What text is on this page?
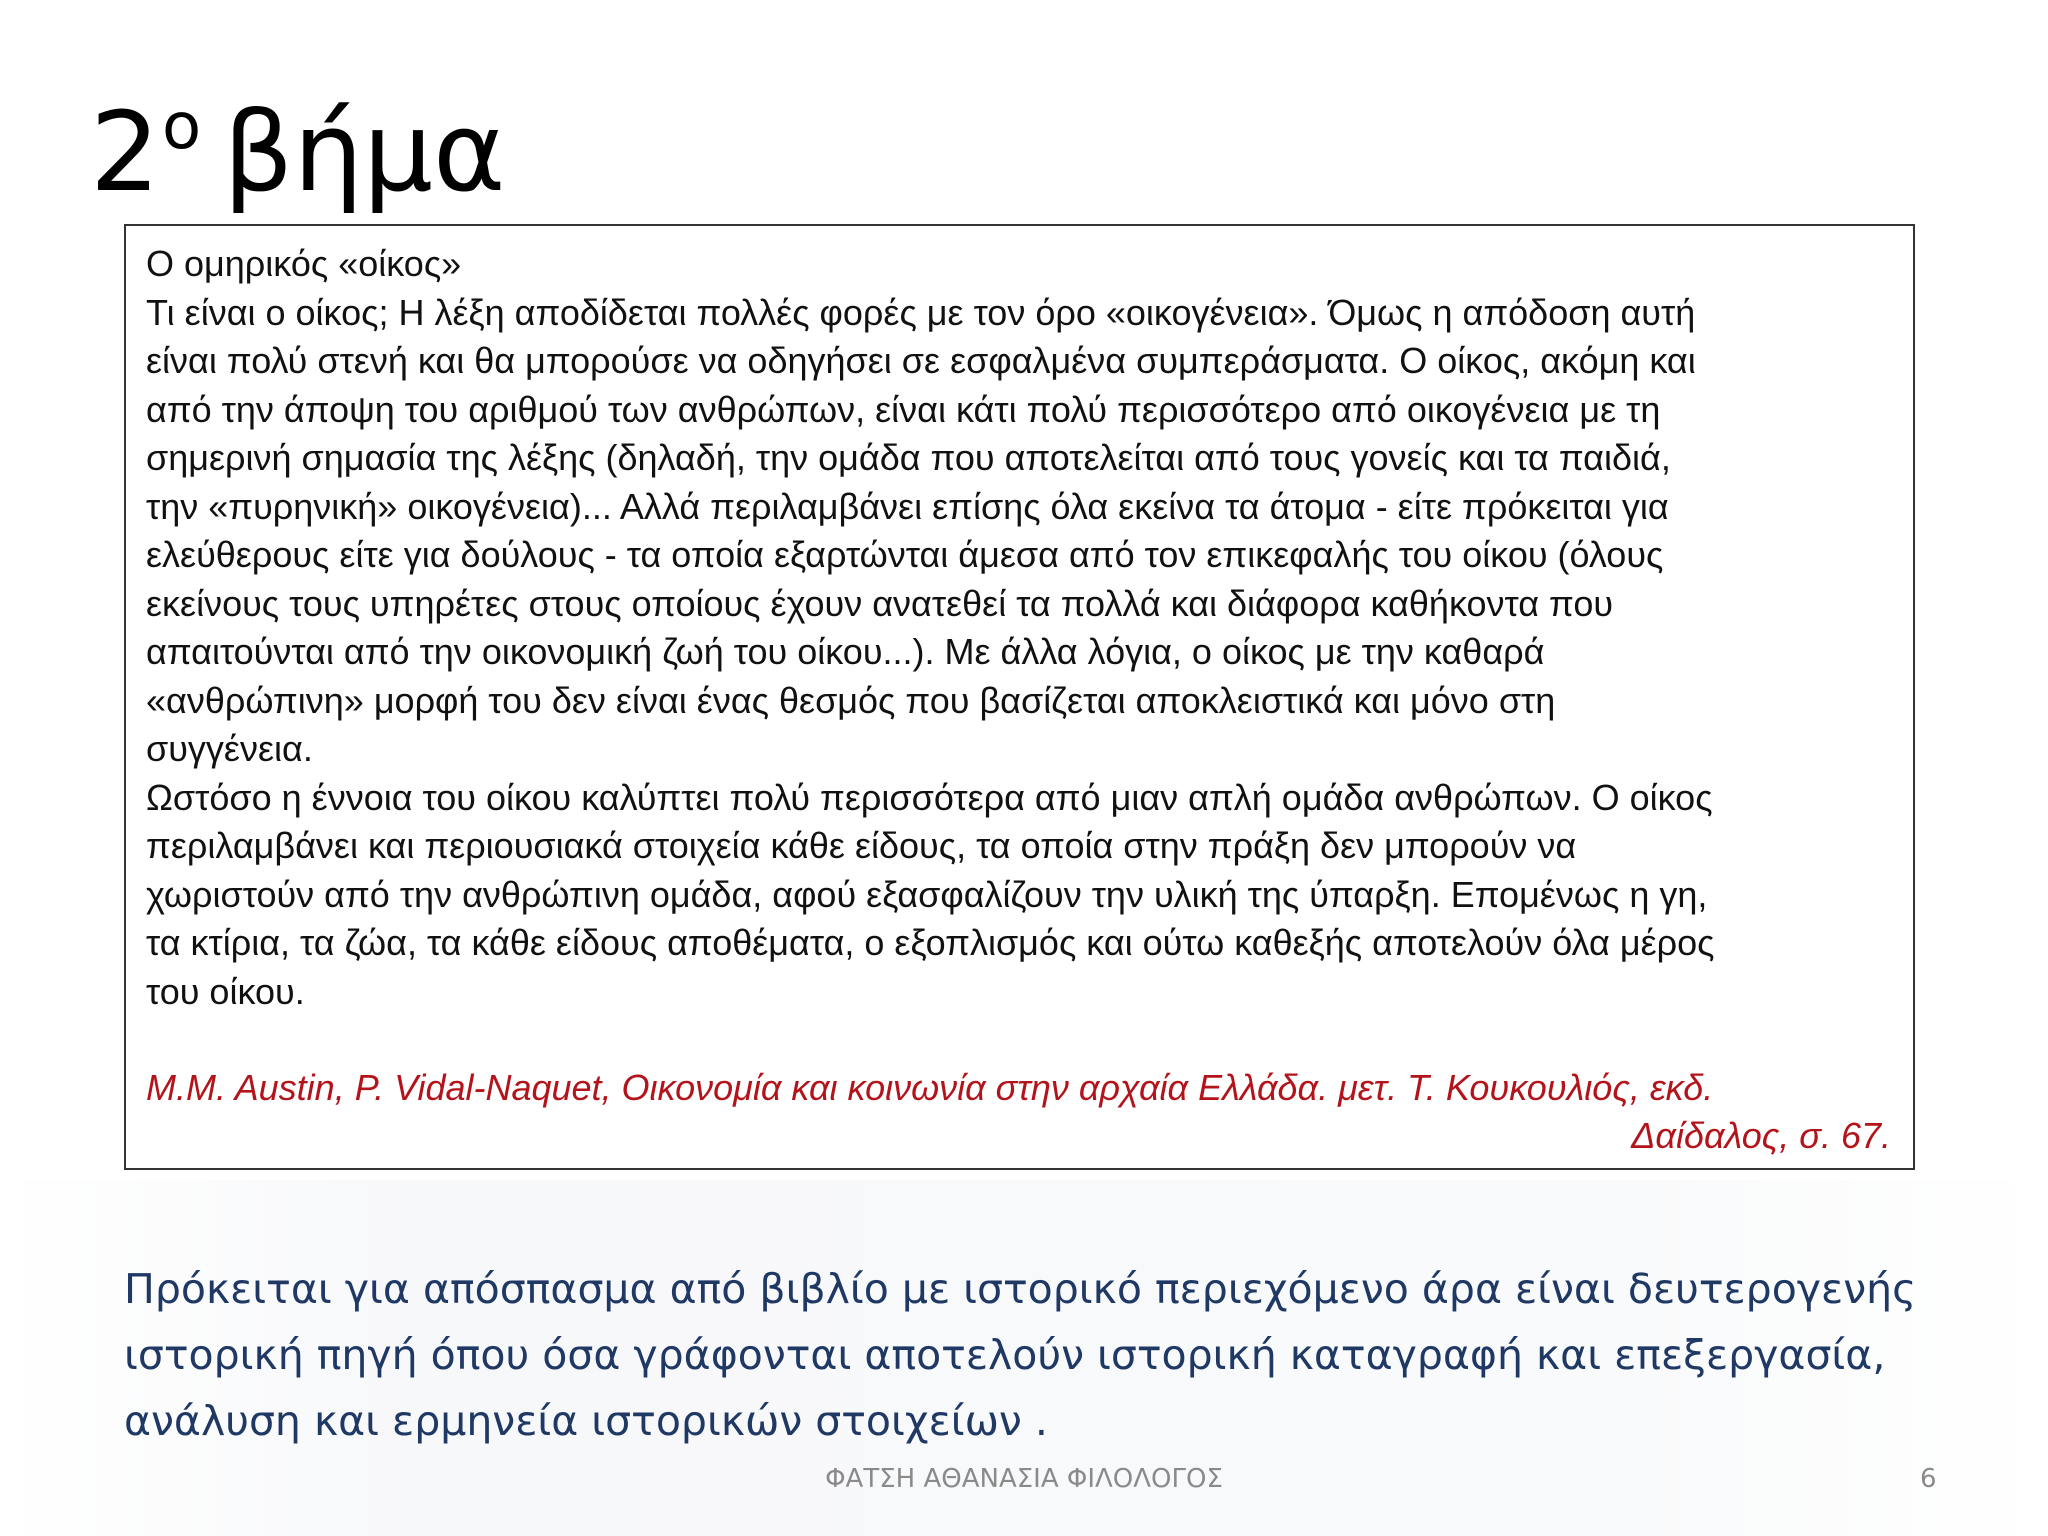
$2^o$ βήμα

Ο ομηρικός «οίκος»

Τι είναι ο οίκος; Η λέξη αποδίδεται πολλές φορές με τον όρο «οικογένεια». Όμως η απόδοση αυτή

είναι πολύ στενή και θα μπορούσε να οδηγήσει σε εσφαλμένα συμπεράσματα. Ο οίκος, ακόμη και

από την άποψη του αριθμού των ανθρώπων, είναι κάτι πολύ περισσότερο από οικογένεια με τη

σημερινή σημασία της λέξης (δηλαδή, την ομάδα που αποτελείται από τους γονείς και τα παιδιά,

την «πυρηνική» οικογένεια)... Αλλά περιλαμβάνει επίσης όλα εκείνα τα άτομα - είτε πρόκειται για

ελεύθερους είτε για δούλους - τα οποία εξαρτώνται άμεσα από τον επικεφαλής του οίκου (όλους

εκείνους τους υπηρέτες στους οποίους έχουν ανατεθεί τα πολλά και διάφορα καθήκοντα που

απαιτούνται από την οικονομική ζωή του οίκου...). Με άλλα λόγια, ο οίκος με την καθαρά

«ανθρώπινη» μορφή του δεν είναι ένας θεσμός που βασίζεται αποκλειστικά και μόνο στη

συγγένεια.

Ωστόσο η έννοια του οίκου καλύπτει πολύ περισσότερα από μιαν απλή ομάδα ανθρώπων. Ο οίκος

περιλαμβάνει και περιουσιακά στοιχεία κάθε είδους, τα οποία στην πράξη δεν μπορούν να

χωριστούν από την ανθρώπινη ομάδα, αφού εξασφαλίζουν την υλική της ύπαρξη. Επομένως η γη,

τα κτίρια, τα ζώα, τα κάθε είδους αποθέματα, ο εξοπλισμός και ούτω καθεξής αποτελούν όλα μέρος

του οίκου.

M.M. Austin, P. Vidal-Naquet, Οικονομία και κοινωνία στην αρχαία Ελλάδα. μετ. Τ. Κουκουλιός, εκδ.
Δαίδαλος, σ. 67.
Πρόκειται για απόσπασμα από βιβλίο με ιστορικό περιεχόμενο άρα είναι δευτερογενής ιστορική πηγή όπου όσα γράφονται αποτελούν ιστορική καταγραφή και επεξεργασία, ανάλυση και ερμηνεία ιστορικών στοιχείων .
ΦΑΤΣΗ ΑΘΑΝΑΣΙΑ ΦΙΛΟΛΟΓΟΣ	6
